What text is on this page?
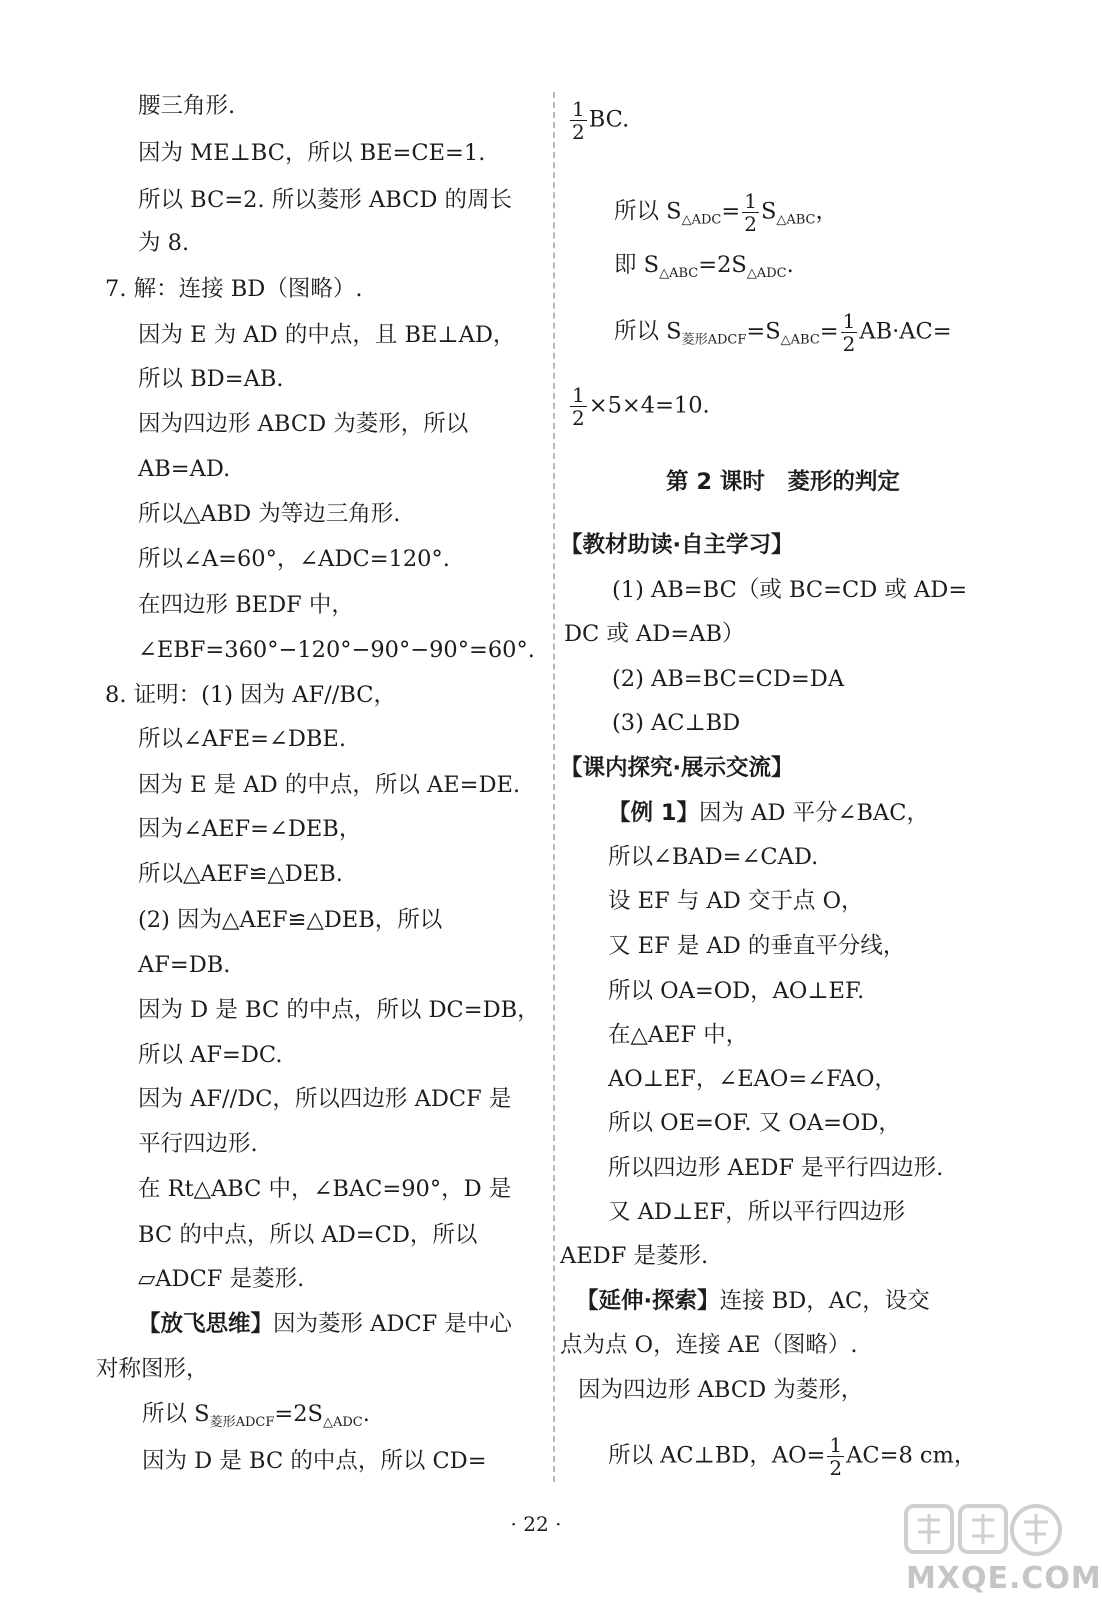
腰三角形.
因为 ME⊥BC，所以 BE=CE=1.
所以 BC=2. 所以菱形 ABCD 的周长
为 8.
7. 解：连接 BD（图略）.
因为 E 为 AD 的中点，且 BE⊥AD，
所以 BD=AB.
因为四边形 ABCD 为菱形，所以
AB=AD.
所以△ABD 为等边三角形.
所以∠A=60°，∠ADC=120°.
在四边形 BEDF 中，
∠EBF=360°−120°−90°−90°=60°.
8. 证明：(1) 因为 AF//BC，
所以∠AFE=∠DBE.
因为 E 是 AD 的中点，所以 AE=DE.
因为∠AEF=∠DEB，
所以△AEF≌△DEB.
(2) 因为△AEF≌△DEB，所以
AF=DB.
因为 D 是 BC 的中点，所以 DC=DB，
所以 AF=DC.
因为 AF//DC，所以四边形 ADCF 是
平行四边形.
在 Rt△ABC 中，∠BAC=90°，D 是
BC 的中点，所以 AD=CD，所以
▱ADCF 是菱形.
【放飞思维】因为菱形 ADCF 是中心
对称图形，
所以 $S_{菱形ADCF}=2S_{\triangle ADC}$.
因为 D 是 BC 的中点，所以 CD=
$\frac{1}{2}$ BC.
所以 $S_{\triangle ADC}= \frac{1}{2} S_{\triangle ABC}$，
即 $S_{\triangle ABC}=2S_{\triangle ADC}$.
所以 $S_{菱形ADCF}=S_{\triangle ABC}= \frac{1}{2} AB\cdot AC=$
$\frac{1}{2} \times 5\times 4=10$.
第 2 课时　菱形的判定
【教材助读·自主学习】
(1) AB=BC（或 BC=CD 或 AD=
DC 或 AD=AB）
(2) AB=BC=CD=DA
(3) AC⊥BD
【课内探究·展示交流】
【例 1】因为 AD 平分∠BAC，
所以∠BAD=∠CAD.
设 EF 与 AD 交于点 O，
又 EF 是 AD 的垂直平分线，
所以 OA=OD，AO⊥EF.
在△AEF 中，
AO⊥EF，∠EAO=∠FAO，
所以 OE=OF. 又 OA=OD，
所以四边形 AEDF 是平行四边形.
又 AD⊥EF，所以平行四边形
AEDF 是菱形.
【延伸·探索】连接 BD，AC，设交
点为点 O，连接 AE（图略）.
因为四边形 ABCD 为菱形，
所以 AC⊥BD，$AO= \frac{1}{2} AC=8$ cm，
· 22 ·
MXQE.COM
